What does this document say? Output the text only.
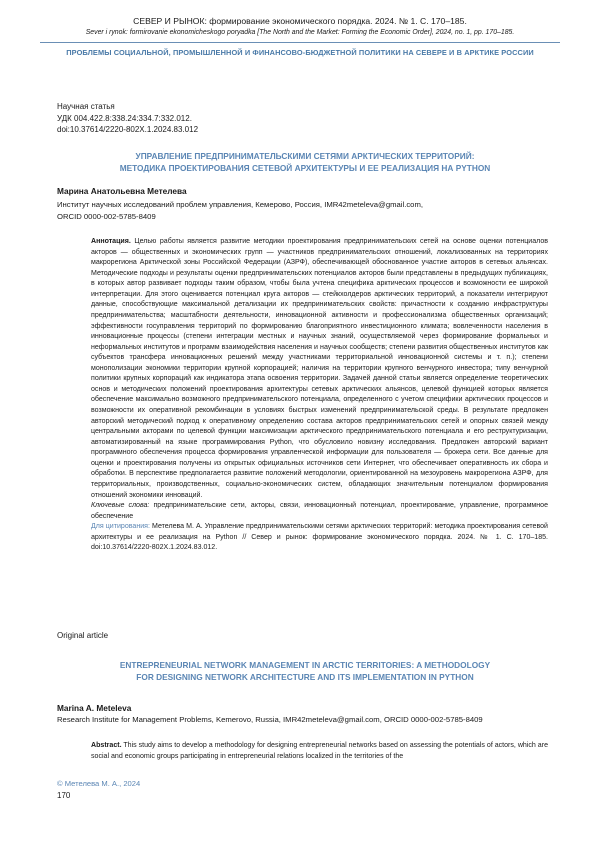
СЕВЕР И РЫНОК: формирование экономического порядка. 2024. № 1. С. 170–185.
Sever i rynok: formirovanie ekonomicheskogo poryadka [The North and the Market: Forming the Economic Order], 2024, no. 1, pp. 170–185.
ПРОБЛЕМЫ СОЦИАЛЬНОЙ, ПРОМЫШЛЕННОЙ И ФИНАНСОВО-БЮДЖЕТНОЙ ПОЛИТИКИ НА СЕВЕРЕ И В АРКТИКЕ РОССИИ
Научная статья
УДК 004.422.8:338.24:334.7:332.012.
doi:10.37614/2220-802X.1.2024.83.012
УПРАВЛЕНИЕ ПРЕДПРИНИМАТЕЛЬСКИМИ СЕТЯМИ АРКТИЧЕСКИХ ТЕРРИТОРИЙ:
МЕТОДИКА ПРОЕКТИРОВАНИЯ СЕТЕВОЙ АРХИТЕКТУРЫ И ЕЕ РЕАЛИЗАЦИЯ НА PYTHON
Марина Анатольевна Метелева
Институт научных исследований проблем управления, Кемерово, Россия, IMR42meteleva@gmail.com,
ORCID 0000-002-5785-8409
Аннотация. Целью работы является развитие методики проектирования предпринимательских сетей на основе оценки потенциалов акторов — общественных и экономических групп — участников предпринимательских отношений, локализованных на территориях макрорегиона Арктической зоны Российской Федерации (АЗРФ), обеспечивающей обоснованное участие акторов в сетевых альянсах. Методические подходы и результаты оценки предпринимательских потенциалов акторов были представлены в предыдущих публикациях, в которых автор развивает подходы таким образом, чтобы была учтена специфика арктических процессов и возможности ее широкой интерпретации. Для этого оценивается потенциал круга акторов — стейкхолдеров арктических территорий, а показатели интегрируют данные, способствующие максимальной детализации их предпринимательских свойств: причастности к созданию инфраструктуры предпринимательства; масштабности деятельности, инновационной активности и профессионализма общественных организаций; эффективности госуправления территорий по формированию благоприятного инвестиционного климата; вовлеченности населения в инновационные процессы (степени интеграции местных и научных знаний, осуществляемой через формирование формальных и неформальных институтов и программ взаимодействия населения и научных сообществ; степени развития общественных институтов как субъектов трансфера инновационных решений между участниками территориальной инновационной системы и т. п.); степени монополизации экономики территории крупной корпорацией; наличия на территории крупного венчурного инвестора; типу венчурной политики крупных корпораций как индикатора этапа освоения территории. Задачей данной статьи является определение теоретических основ и методических положений проектирования архитектуры сетевых арктических альянсов, целевой функцией которых является обеспечение максимально возможного предпринимательского потенциала, определенного с учетом специфики арктических процессов и возможности их оперативной рекомбинации в условиях быстрых изменений предпринимательской среды. В результате предложен авторский методический подход к оперативному определению состава акторов предпринимательских сетей и опорных связей между центральными акторами по целевой функции максимизации арктического предпринимательского потенциала и его реструктуризации, автоматизированный на языке программирования Python, что обусловило новизну исследования. Предложен авторский вариант программного обеспечения процесса формирования управленческой информации для пользователя — брокера сети. Все данные для оценки и проектирования получены из открытых официальных источников сети Интернет, что обеспечивает оперативность их сбора и обработки. В перспективе предполагается развитие положений методологии, ориентированной на мезоуровень макрорегиона АЗРФ, для территориальных, производственных, социально-экономических систем, обладающих значительным потенциалом формирования отношений экономики инноваций.
Ключевые слова: предпринимательские сети, акторы, связи, инновационный потенциал, проектирование, управление, программное обеспечение
Для цитирования: Метелева М. А. Управление предпринимательскими сетями арктических территорий: методика проектирования сетевой архитектуры и ее реализация на Python // Север и рынок: формирование экономического порядка. 2024. № 1. С. 170–185. doi:10.37614/2220-802X.1.2024.83.012.
Original article
ENTREPRENEURIAL NETWORK MANAGEMENT IN ARCTIC TERRITORIES: A METHODOLOGY
FOR DESIGNING NETWORK ARCHITECTURE AND ITS IMPLEMENTATION IN PYTHON
Marina A. Meteleva
Research Institute for Management Problems, Kemerovo, Russia, IMR42meteleva@gmail.com, ORCID 0000-002-5785-8409
Abstract. This study aims to develop a methodology for designing entrepreneurial networks based on assessing the potentials of actors, which are social and economic groups participating in entrepreneurial relations localized in the territories of the
© Метелева М. А., 2024
170
